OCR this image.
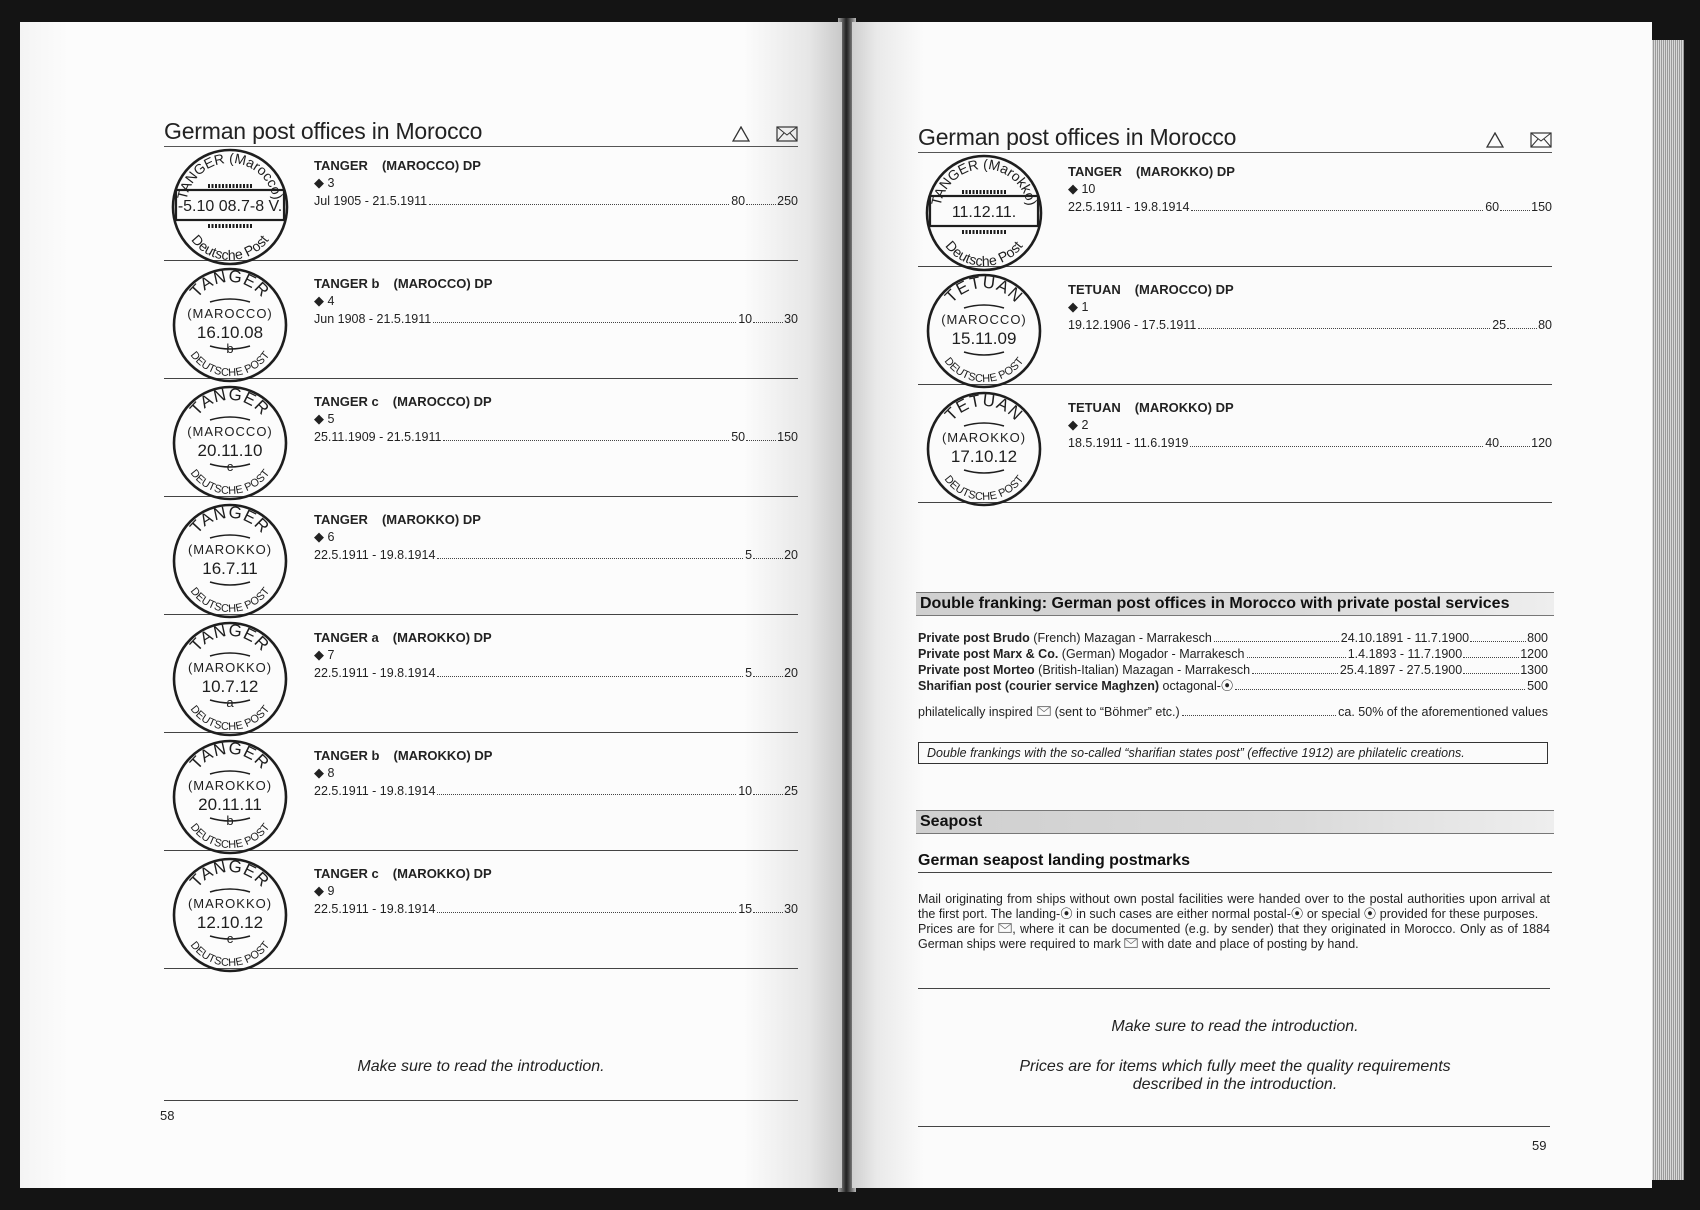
German post offices in Morocco
TANGER (Marocco)
-5.10 08.7-8 V.
Deutsche Post
TANGER (MAROCCO) DP
◆ 3
Jul 1905 - 21.5.1911	80	250
TANGER
(MAROCCO)
16.10.08
b
DEUTSCHE POST
TANGER b (MAROCCO) DP
◆ 4
Jun 1908 - 21.5.1911	10	30
TANGER
(MAROCCO)
20.11.10
c
DEUTSCHE POST
TANGER c (MAROCCO) DP
◆ 5
25.11.1909 - 21.5.1911	50	150
TANGER
(MAROKKO)
16.7.11
DEUTSCHE POST
TANGER (MAROKKO) DP
◆ 6
22.5.1911 - 19.8.1914	5	20
TANGER
(MAROKKO)
10.7.12
a
DEUTSCHE POST
TANGER a (MAROKKO) DP
◆ 7
22.5.1911 - 19.8.1914	5	20
TANGER
(MAROKKO)
20.11.11
b
DEUTSCHE POST
TANGER b (MAROKKO) DP
◆ 8
22.5.1911 - 19.8.1914	10	25
TANGER
(MAROKKO)
12.10.12
c
DEUTSCHE POST
TANGER c (MAROKKO) DP
◆ 9
22.5.1911 - 19.8.1914	15	30
Make sure to read the introduction.
58
German post offices in Morocco
TANGER (Marokko)
11.12.11.
Deutsche Post
TANGER (MAROKKO) DP
◆ 10
22.5.1911 - 19.8.1914	60	150
TETUAN
(MAROCCO)
15.11.09
DEUTSCHE POST
TETUAN (MAROCCO) DP
◆ 1
19.12.1906 - 17.5.1911	25	80
TETUAN
(MAROKKO)
17.10.12
DEUTSCHE POST
TETUAN (MAROKKO) DP
◆ 2
18.5.1911 - 11.6.1919	40	120
Double franking: German post offices in Morocco with private postal services
Private post Brudo (French) Mazagan - Marrakesch	24.10.1891 - 11.7.1900	800
Private post Marx & Co. (German) Mogador - Marrakesch	1.4.1893 - 11.7.1900	1200
Private post Morteo (British-Italian) Mazagan - Marrakesch	25.4.1897 - 27.5.1900	1300
Sharifian post (courier service Maghzen) octagonal-⦿	500
philatelically inspired (sent to “Böhmer” etc.)	ca. 50% of the aforementioned values
Double frankings with the so-called “sharifian states post” (effective 1912) are philatelic creations.
Seapost
German seapost landing postmarks
Mail originating from ships without own postal facilities were handed over to the postal authorities upon arrival at the first port. The landing-⦿ in such cases are either normal postal-⦿ or special ⦿ provided for these purposes.
Prices are for , where it can be documented (e.g. by sender) that they originated in Morocco. Only as of 1884 German ships were required to mark with date and place of posting by hand.
Make sure to read the introduction.
Prices are for items which fully meet the quality requirements described in the introduction.
59
